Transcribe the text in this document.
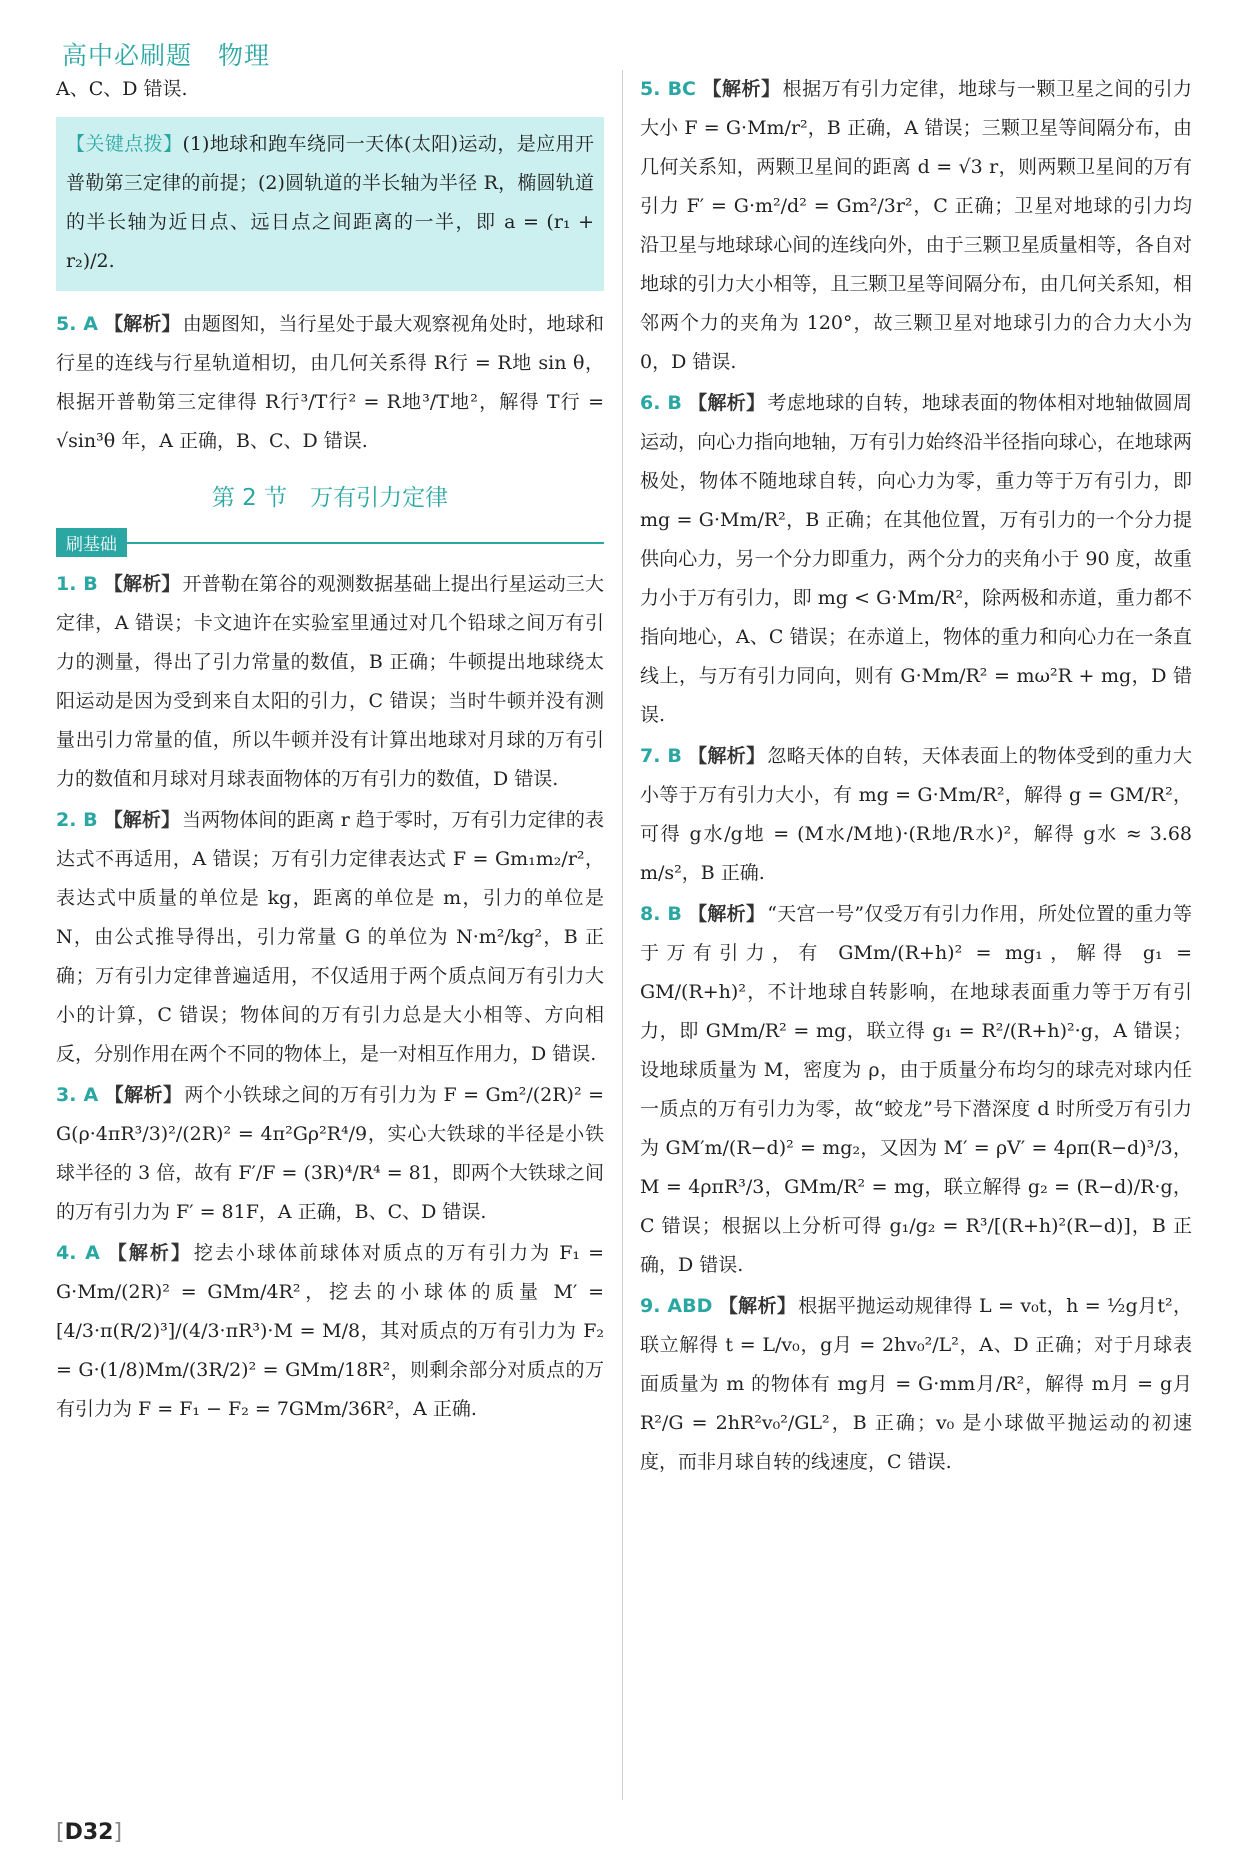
高中必刷题　物理

A、C、D 错误.

【关键点拨】(1)地球和跑车绕同一天体(太阳)运动，是应用开普勒第三定律的前提；(2)圆轨道的半长轴为半径 R，椭圆轨道的半长轴为近日点、远日点之间距离的一半，即 a = (r₁ + r₂)/2.

5. A 【解析】 由题图知，当行星处于最大观察视角处时，地球和行星的连线与行星轨道相切，由几何关系得 R行 = R地 sin θ，根据开普勒第三定律得 R行³/T行² = R地³/T地²，解得 T行 = √sin³θ 年，A 正确，B、C、D 错误.

第 2 节　万有引力定律
刷基础

1. B 【解析】 开普勒在第谷的观测数据基础上提出行星运动三大定律，A 错误；卡文迪许在实验室里通过对几个铅球之间万有引力的测量，得出了引力常量的数值，B 正确；牛顿提出地球绕太阳运动是因为受到来自太阳的引力，C 错误；当时牛顿并没有测量出引力常量的值，所以牛顿并没有计算出地球对月球的万有引力的数值和月球对月球表面物体的万有引力的数值，D 错误.

2. B 【解析】 当两物体间的距离 r 趋于零时，万有引力定律的表达式不再适用，A 错误；万有引力定律表达式 F = Gm₁m₂/r²，表达式中质量的单位是 kg，距离的单位是 m，引力的单位是 N，由公式推导得出，引力常量 G 的单位为 N·m²/kg²，B 正确；万有引力定律普遍适用，不仅适用于两个质点间万有引力大小的计算，C 错误；物体间的万有引力总是大小相等、方向相反，分别作用在两个不同的物体上，是一对相互作用力，D 错误.

3. A 【解析】 两个小铁球之间的万有引力为 F = Gm²/(2R)² = G(ρ·4πR³/3)²/(2R)² = 4π²Gρ²R⁴/9，实心大铁球的半径是小铁球半径的 3 倍，故有 F′/F = (3R)⁴/R⁴ = 81，即两个大铁球之间的万有引力为 F′ = 81F，A 正确，B、C、D 错误.

4. A 【解析】 挖去小球体前球体对质点的万有引力为 F₁ = G·Mm/(2R)² = GMm/4R²，挖去的小球体的质量 M′ = [4/3·π(R/2)³]/(4/3·πR³)·M = M/8，其对质点的万有引力为 F₂ = G·(1/8)Mm/(3R/2)² = GMm/18R²，则剩余部分对质点的万有引力为 F = F₁ − F₂ = 7GMm/36R²，A 正确.

5. BC 【解析】 根据万有引力定律，地球与一颗卫星之间的引力大小 F = G·Mm/r²，B 正确，A 错误；三颗卫星等间隔分布，由几何关系知，两颗卫星间的距离 d = √3 r，则两颗卫星间的万有引力 F′ = G·m²/d² = Gm²/3r²，C 正确；卫星对地球的引力均沿卫星与地球球心间的连线向外，由于三颗卫星质量相等，各自对地球的引力大小相等，且三颗卫星等间隔分布，由几何关系知，相邻两个力的夹角为 120°，故三颗卫星对地球引力的合力大小为 0，D 错误.

6. B 【解析】 考虑地球的自转，地球表面的物体相对地轴做圆周运动，向心力指向地轴，万有引力始终沿半径指向球心，在地球两极处，物体不随地球自转，向心力为零，重力等于万有引力，即 mg = G·Mm/R²，B 正确；在其他位置，万有引力的一个分力提供向心力，另一个分力即重力，两个分力的夹角小于 90 度，故重力小于万有引力，即 mg < G·Mm/R²，除两极和赤道，重力都不指向地心，A、C 错误；在赤道上，物体的重力和向心力在一条直线上，与万有引力同向，则有 G·Mm/R² = mω²R + mg，D 错误.

7. B 【解析】 忽略天体的自转，天体表面上的物体受到的重力大小等于万有引力大小，有 mg = G·Mm/R²，解得 g = GM/R²，可得 g水/g地 = (M水/M地)·(R地/R水)²，解得 g水 ≈ 3.68 m/s²，B 正确.

8. B 【解析】 “天宫一号”仅受万有引力作用，所处位置的重力等于万有引力，有 GMm/(R+h)² = mg₁，解得 g₁ = GM/(R+h)²，不计地球自转影响，在地球表面重力等于万有引力，即 GMm/R² = mg，联立得 g₁ = R²/(R+h)²·g，A 错误；设地球质量为 M，密度为 ρ，由于质量分布均匀的球壳对球内任一质点的万有引力为零，故“蛟龙”号下潜深度 d 时所受万有引力为 GM′m/(R−d)² = mg₂，又因为 M′ = ρV′ = 4ρπ(R−d)³/3，M = 4ρπR³/3，GMm/R² = mg，联立解得 g₂ = (R−d)/R·g，C 错误；根据以上分析可得 g₁/g₂ = R³/[(R+h)²(R−d)]，B 正确，D 错误.

9. ABD 【解析】 根据平抛运动规律得 L = v₀t，h = ½g月t²，联立解得 t = L/v₀，g月 = 2hv₀²/L²，A、D 正确；对于月球表面质量为 m 的物体有 mg月 = G·mm月/R²，解得 m月 = g月R²/G = 2hR²v₀²/GL²，B 正确；v₀ 是小球做平抛运动的初速度，而非月球自转的线速度，C 错误.

[D32]
